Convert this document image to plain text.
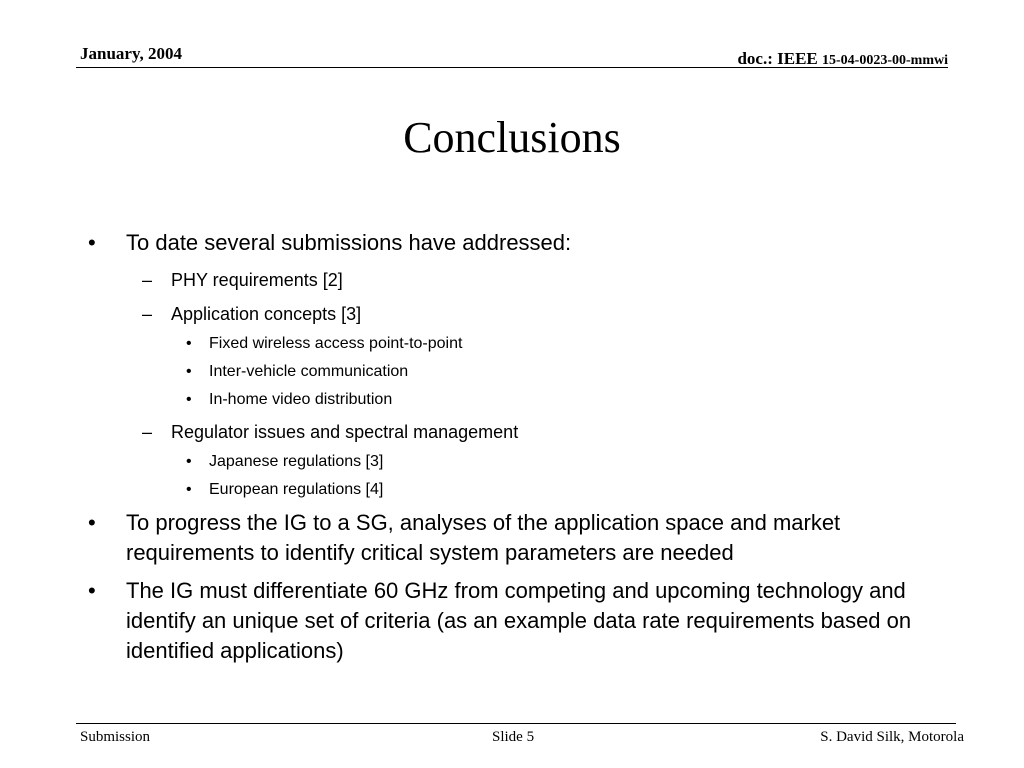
January, 2004	doc.: IEEE 15-04-0023-00-mmwi
Conclusions
• To date several submissions have addressed:
– PHY requirements [2]
– Application concepts [3]
• Fixed wireless access point-to-point
• Inter-vehicle communication
• In-home video distribution
– Regulator issues and spectral management
• Japanese regulations [3]
• European regulations [4]
• To progress the IG to a SG, analyses of the application space and market requirements to identify critical system parameters are needed
• The IG must differentiate 60 GHz from competing and upcoming technology and identify an unique set of criteria (as an example data rate requirements based on identified applications)
Submission	Slide 5	S. David Silk, Motorola
